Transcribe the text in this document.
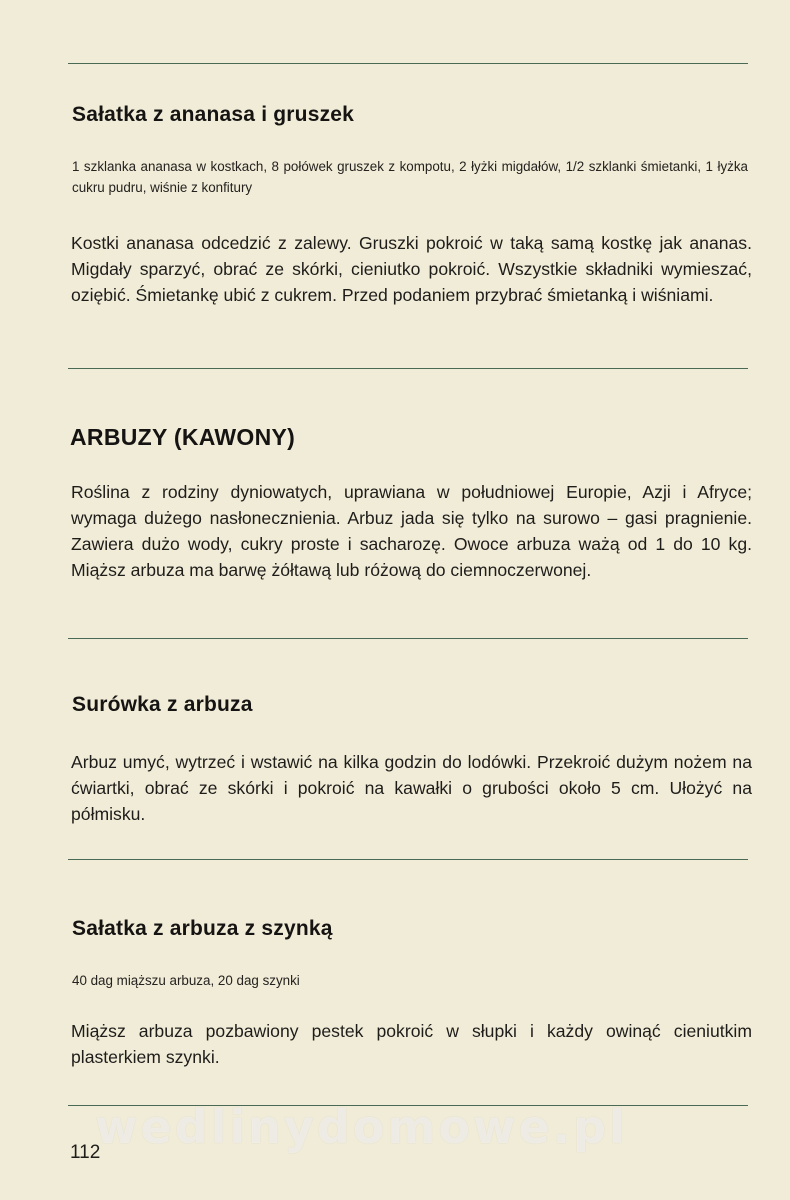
Sałatka z ananasa i gruszek

1 szklanka ananasa w kostkach, 8 połówek gruszek z kompotu, 2 łyżki migdałów, 1/2 szklanki śmietanki, 1 łyżka cukru pudru, wiśnie z konfitury

Kostki ananasa odcedzić z zalewy. Gruszki pokroić w taką samą kostkę jak ananas. Migdały sparzyć, obrać ze skórki, cieniutko pokroić. Wszystkie składniki wymieszać, oziębić. Śmietankę ubić z cukrem. Przed podaniem przybrać śmietanką i wiśniami.

ARBUZY (KAWONY)

Roślina z rodziny dyniowatych, uprawiana w południowej Europie, Azji i Afryce; wymaga dużego nasłonecznienia. Arbuz jada się tylko na surowo – gasi pragnienie. Zawiera dużo wody, cukry proste i sacharozę. Owoce arbuza ważą od 1 do 10 kg. Miąższ arbuza ma barwę żółtawą lub różową do ciemnoczerwonej.

Surówka z arbuza

Arbuz umyć, wytrzeć i wstawić na kilka godzin do lodówki. Przekroić dużym nożem na ćwiartki, obrać ze skórki i pokroić na kawałki o grubości około 5 cm. Ułożyć na półmisku.

Sałatka z arbuza z szynką

40 dag miąższu arbuza, 20 dag szynki

Miąższ arbuza pozbawiony pestek pokroić w słupki i każdy owinąć cieniutkim plasterkiem szynki.

wedlinydomowe.pl

112
